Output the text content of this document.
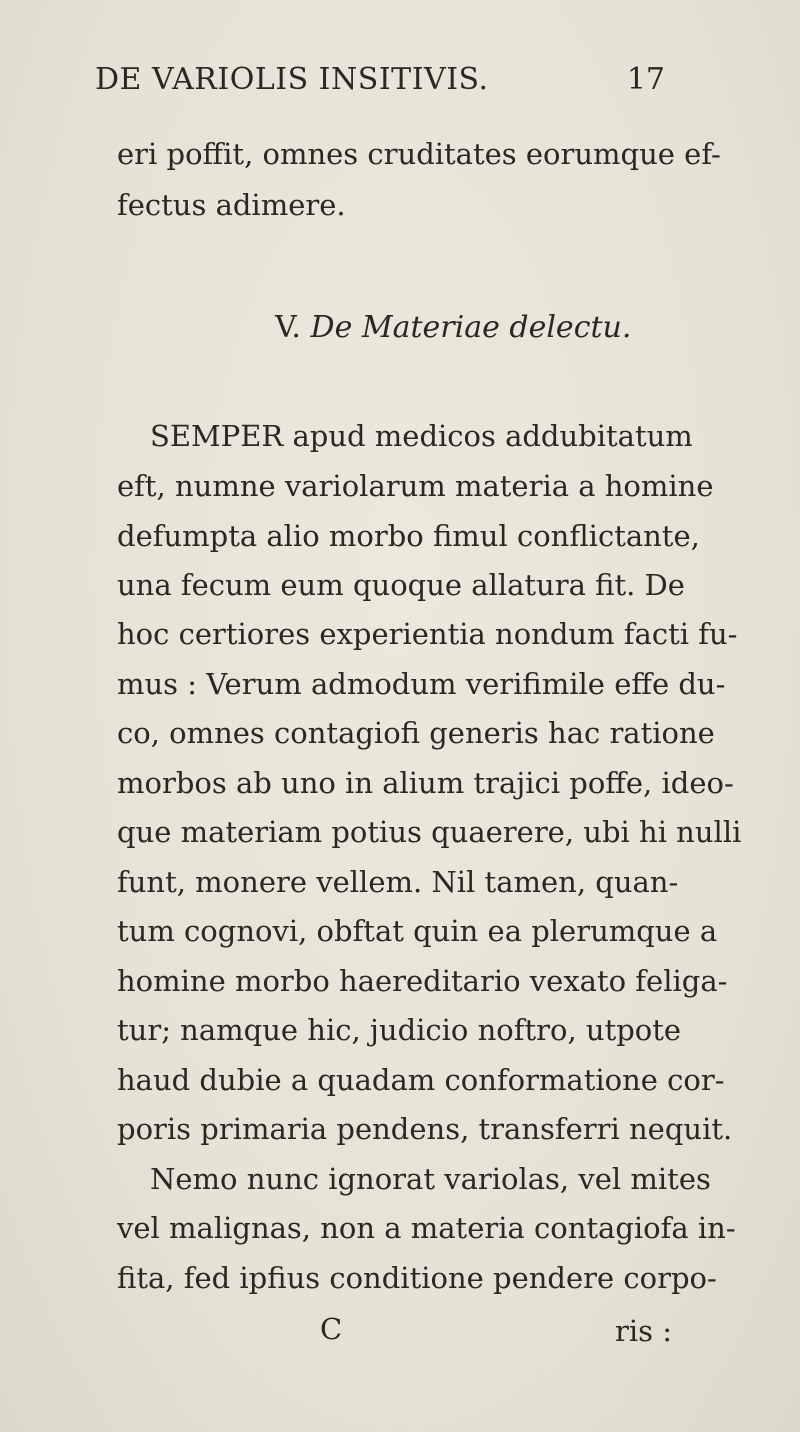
DE VARIOLIS INSITIVIS.	17
eri poffit, omnes cruditates eorumque ef-
fectus adimere.
V. De Materiae delectu.
SEMPER apud medicos addubitatum
eft, numne variolarum materia a homine
defumpta alio morbo fimul conflictante,
una fecum eum quoque allatura fit. De
hoc certiores experientia nondum facti fu-
mus : Verum admodum verifimile effe du-
co, omnes contagiofi generis hac ratione
morbos ab uno in alium trajici poffe, ideo-
que materiam potius quaerere, ubi hi nulli
funt, monere vellem. Nil tamen, quan-
tum cognovi, obftat quin ea plerumque a
homine morbo haereditario vexato feliga-
tur; namque hic, judicio noftro, utpote
haud dubie a quadam conformatione cor-
poris primaria pendens, transferri nequit.
Nemo nunc ignorat variolas, vel mites
vel malignas, non a materia contagiofa in-
fita, fed ipfius conditione pendere corpo-
C	ris :
